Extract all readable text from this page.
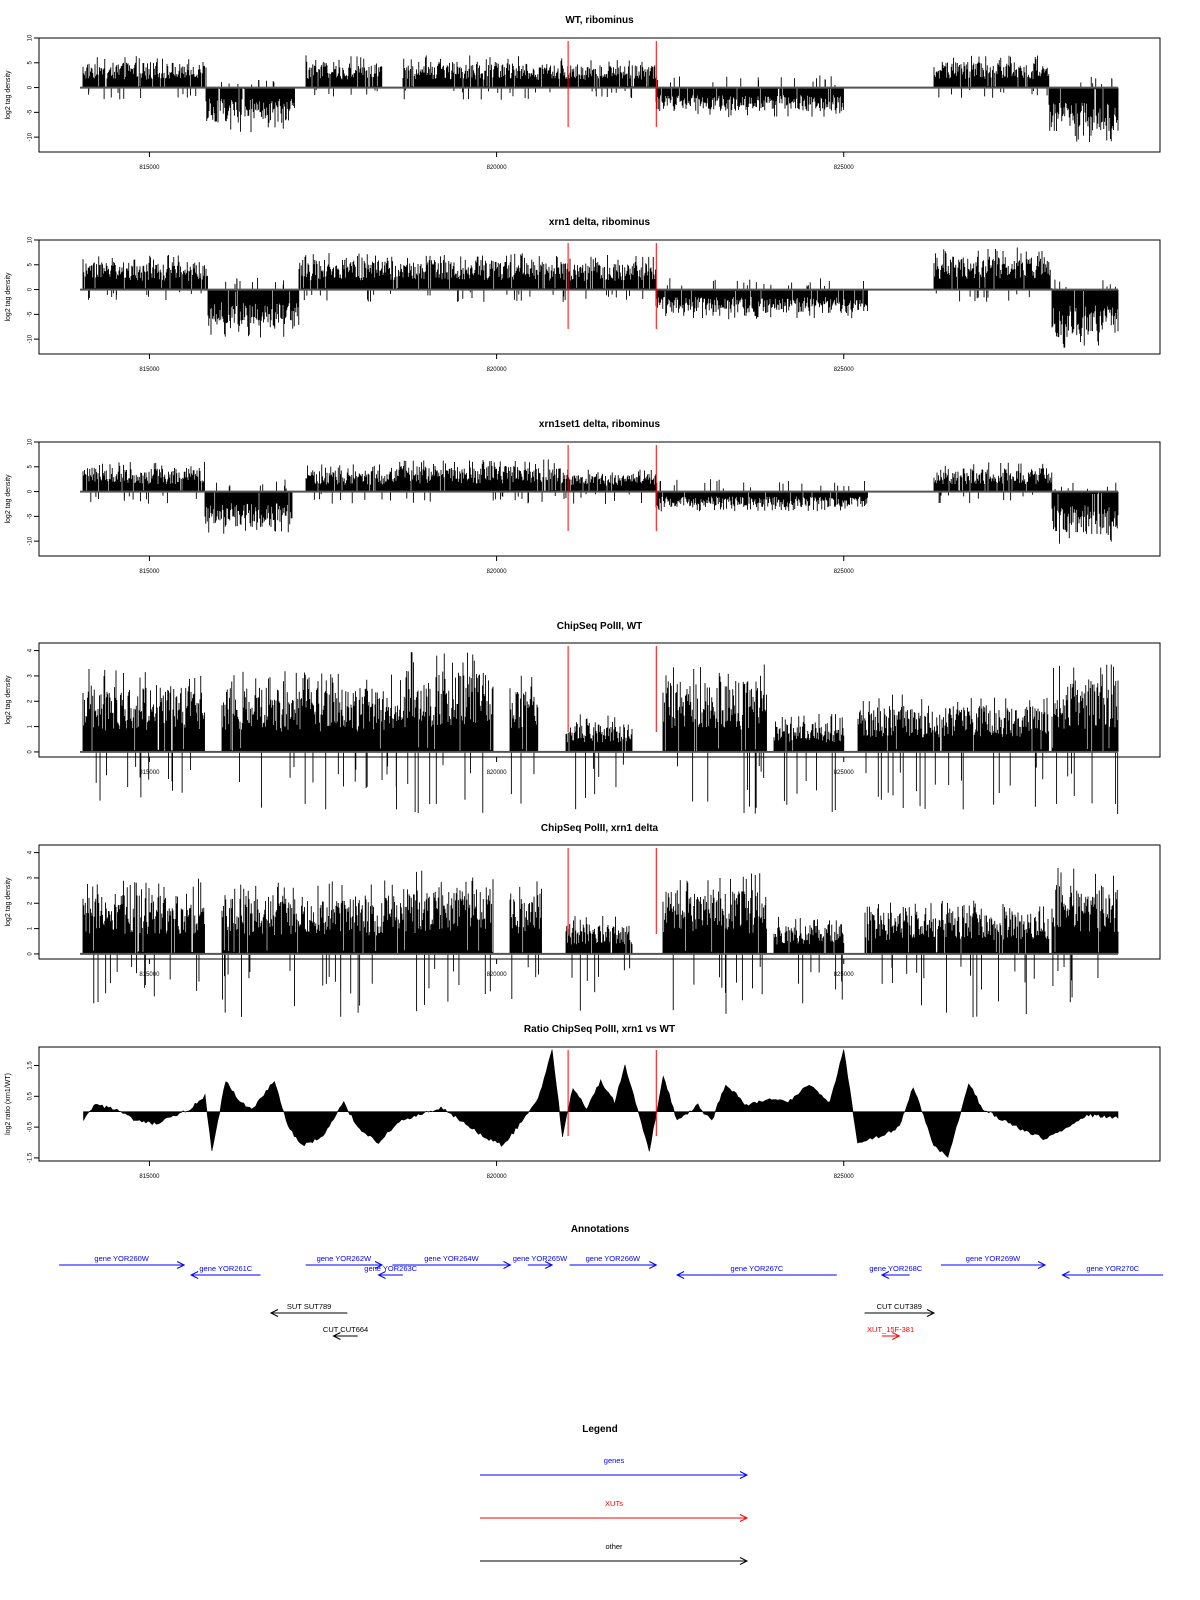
WT, ribominus
log2 tag density
-10
-5
0
5
10
815000	820000	825000
xrn1 delta, ribominus
log2 tag density
-10
-5
0
5
10
815000	820000	825000
xrn1set1 delta, ribominus
log2 tag density
-10
-5
0
5
10
815000	820000	825000
ChipSeq PolII, WT
log2 tag density
0
1
2
3
4
815000	820000	825000
ChipSeq PolII, xrn1 delta
log2 tag density
0
1
2
3
4
815000	820000	825000
Ratio ChipSeq PolII, xrn1 vs WT
log2 ratio (xrn1/WT)
-1.5
-0.5
0.5
1.5
815000	820000	825000
Annotations
gene YOR260W
gene YOR261C
gene YOR262W
gene YOR263C
gene YOR264W	gene YOR265W gene YOR266W
gene YOR267C	gene YOR268C
gene YOR269W
gene YOR270C
SUT SUT789
CUT CUT664
CUT CUT389
XUT_15F-381
Legend
genes
XUTs
other
